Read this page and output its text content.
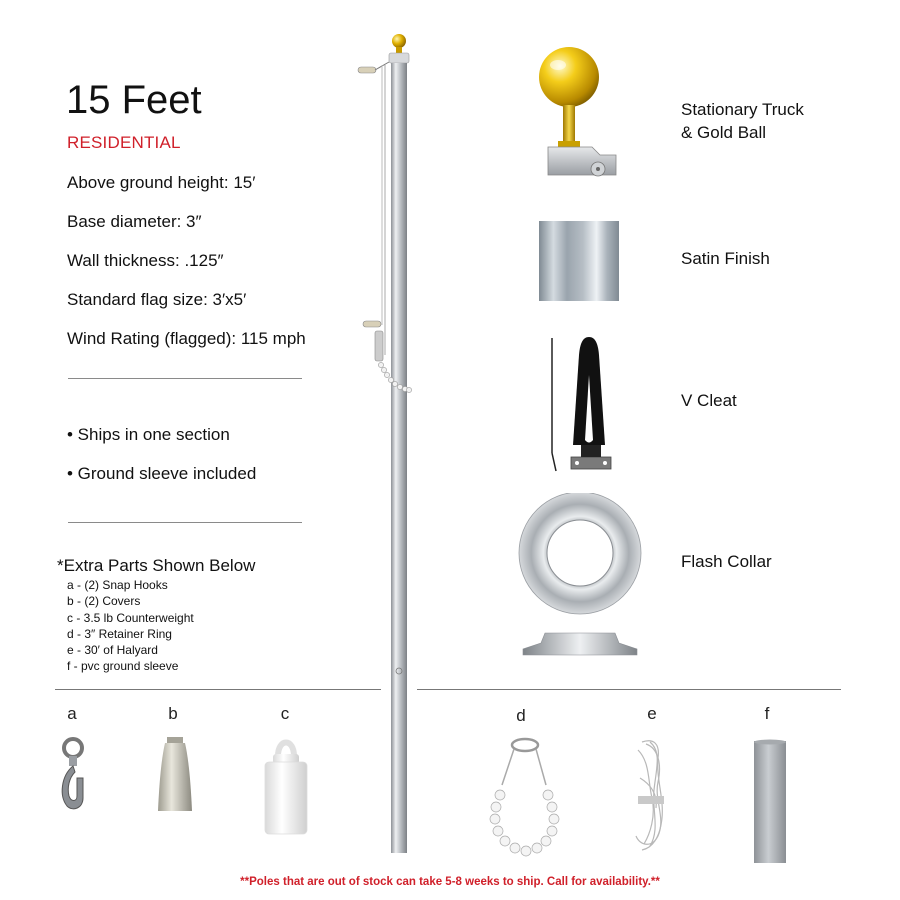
15 Feet
RESIDENTIAL
Above ground height: 15′
Base diameter: 3″
Wall thickness: .125″
Standard flag size: 3′x5′
Wind Rating (flagged): 115 mph
• Ships in one section
• Ground sleeve included
*Extra Parts Shown Below
a - (2) Snap Hooks
b - (2) Covers
c - 3.5 lb Counterweight
d - 3″ Retainer Ring
e - 30′ of Halyard
f - pvc ground sleeve
Stationary Truck
& Gold Ball
Satin Finish
V Cleat
Flash Collar
a	b	c	d	e	f
**Poles that are out of stock can take 5-8 weeks to ship. Call for availability.**
